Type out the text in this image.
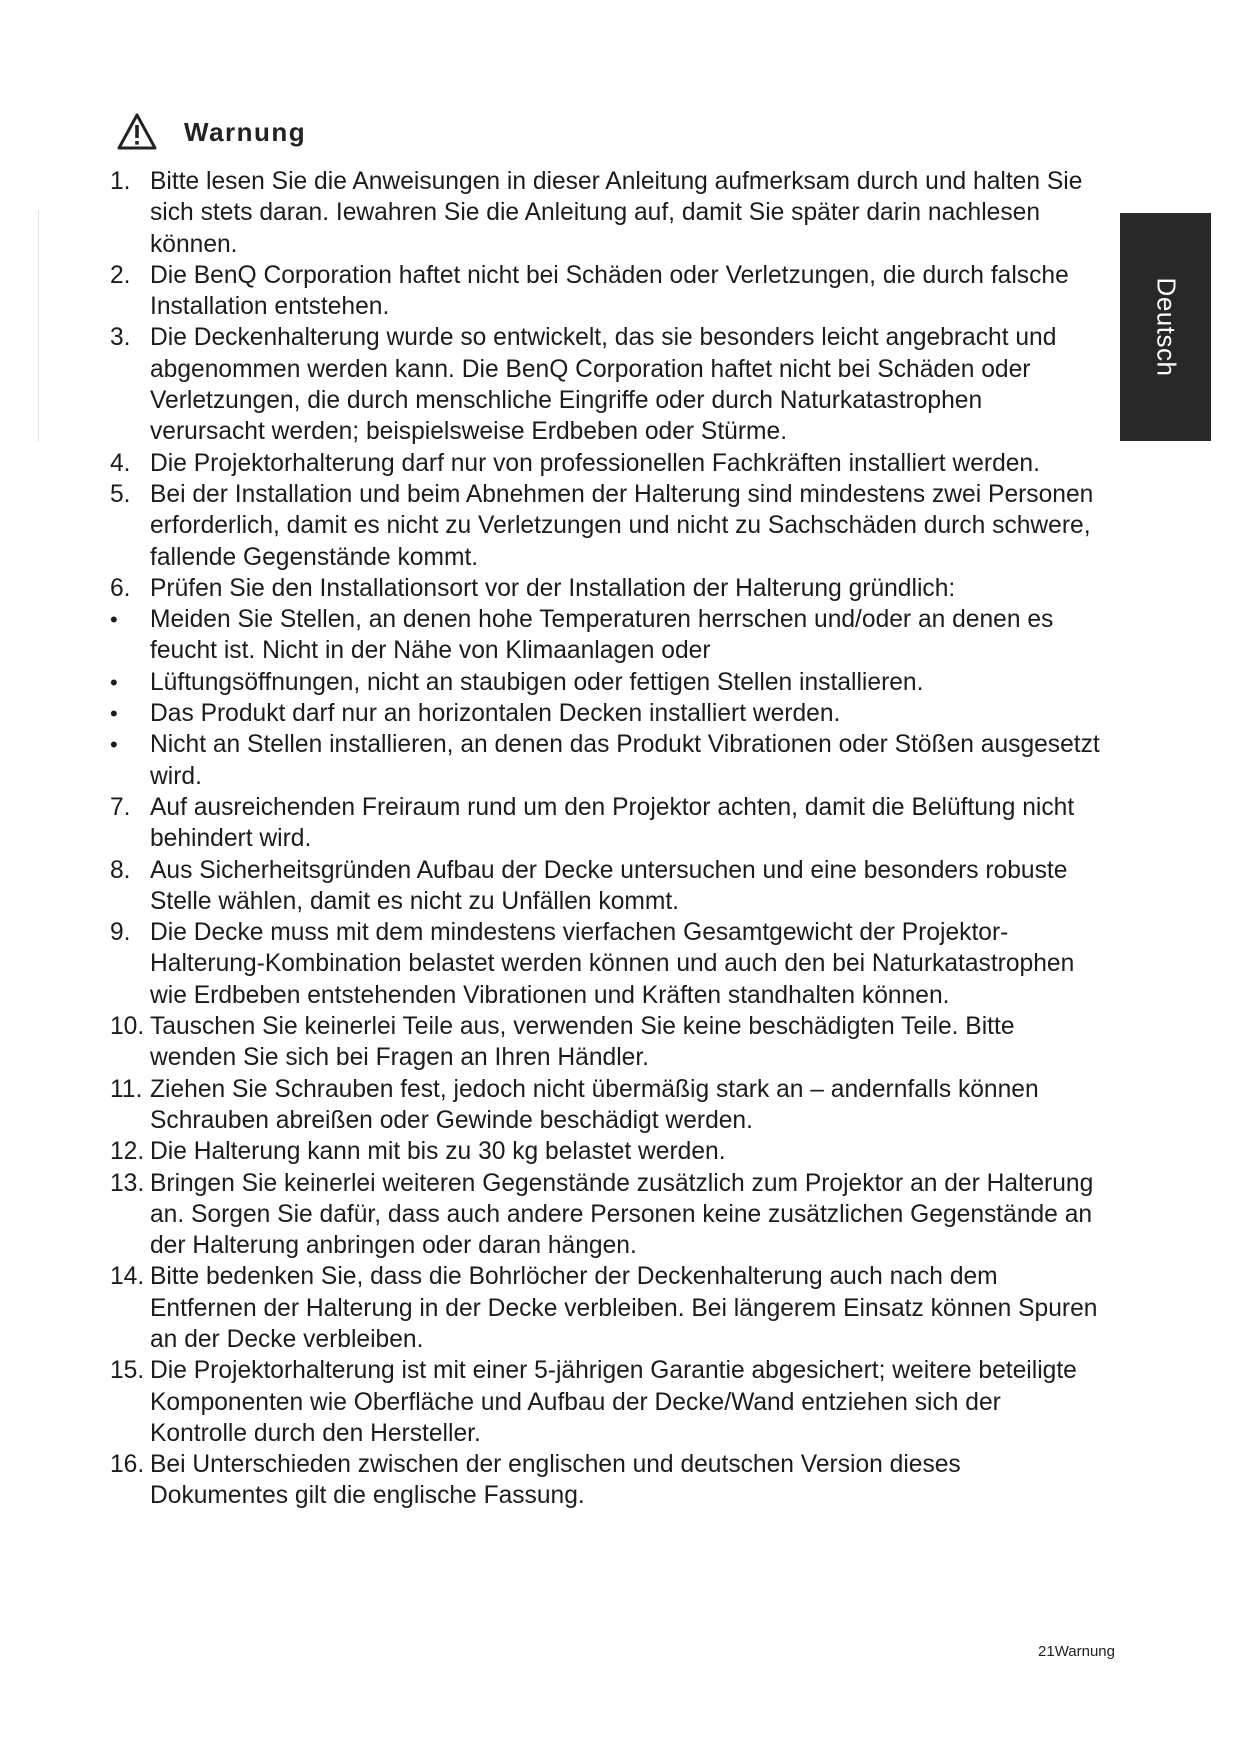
Warnung
Deutsch
1. Bitte lesen Sie die Anweisungen in dieser Anleitung aufmerksam durch und halten Sie sich stets daran. Iewahren Sie die Anleitung auf, damit Sie später darin nachlesen können.
2. Die BenQ Corporation haftet nicht bei Schäden oder Verletzungen, die durch falsche Installation entstehen.
3. Die Deckenhalterung wurde so entwickelt, das sie besonders leicht angebracht und abgenommen werden kann. Die BenQ Corporation haftet nicht bei Schäden oder Verletzungen, die durch menschliche Eingriffe oder durch Naturkatastrophen verursacht werden; beispielsweise Erdbeben oder Stürme.
4. Die Projektorhalterung darf nur von professionellen Fachkräften installiert werden.
5. Bei der Installation und beim Abnehmen der Halterung sind mindestens zwei Personen erforderlich, damit es nicht zu Verletzungen und nicht zu Sachschäden durch schwere, fallende Gegenstände kommt.
6. Prüfen Sie den Installationsort vor der Installation der Halterung gründlich:
•	Meiden Sie Stellen, an denen hohe Temperaturen herrschen und/oder an denen es feucht ist. Nicht in der Nähe von Klimaanlagen oder
•	Lüftungsöffnungen, nicht an staubigen oder fettigen Stellen installieren.
•	Das Produkt darf nur an horizontalen Decken installiert werden.
•	Nicht an Stellen installieren, an denen das Produkt Vibrationen oder Stößen ausgesetzt wird.
7. Auf ausreichenden Freiraum rund um den Projektor achten, damit die Belüftung nicht behindert wird.
8. Aus Sicherheitsgründen Aufbau der Decke untersuchen und eine besonders robuste Stelle wählen, damit es nicht zu Unfällen kommt.
9. Die Decke muss mit dem mindestens vierfachen Gesamtgewicht der Projektor-Halterung-Kombination belastet werden können und auch den bei Naturkatastrophen wie Erdbeben entstehenden Vibrationen und Kräften standhalten können.
10. Tauschen Sie keinerlei Teile aus, verwenden Sie keine beschädigten Teile. Bitte wenden Sie sich bei Fragen an Ihren Händler.
11. Ziehen Sie Schrauben fest, jedoch nicht übermäßig stark an – andernfalls können Schrauben abreißen oder Gewinde beschädigt werden.
12. Die Halterung kann mit bis zu 30 kg belastet werden.
13. Bringen Sie keinerlei weiteren Gegenstände zusätzlich zum Projektor an der Halterung an. Sorgen Sie dafür, dass auch andere Personen keine zusätzlichen Gegenstände an der Halterung anbringen oder daran hängen.
14. Bitte bedenken Sie, dass die Bohrlöcher der Deckenhalterung auch nach dem Entfernen der Halterung in der Decke verbleiben. Bei längerem Einsatz können Spuren an der Decke verbleiben.
15. Die Projektorhalterung ist mit einer 5-jährigen Garantie abgesichert; weitere beteiligte Komponenten wie Oberfläche und Aufbau der Decke/Wand entziehen sich der Kontrolle durch den Hersteller.
16. Bei Unterschieden zwischen der englischen und deutschen Version dieses Dokumentes gilt die englische Fassung.
21Warnung
